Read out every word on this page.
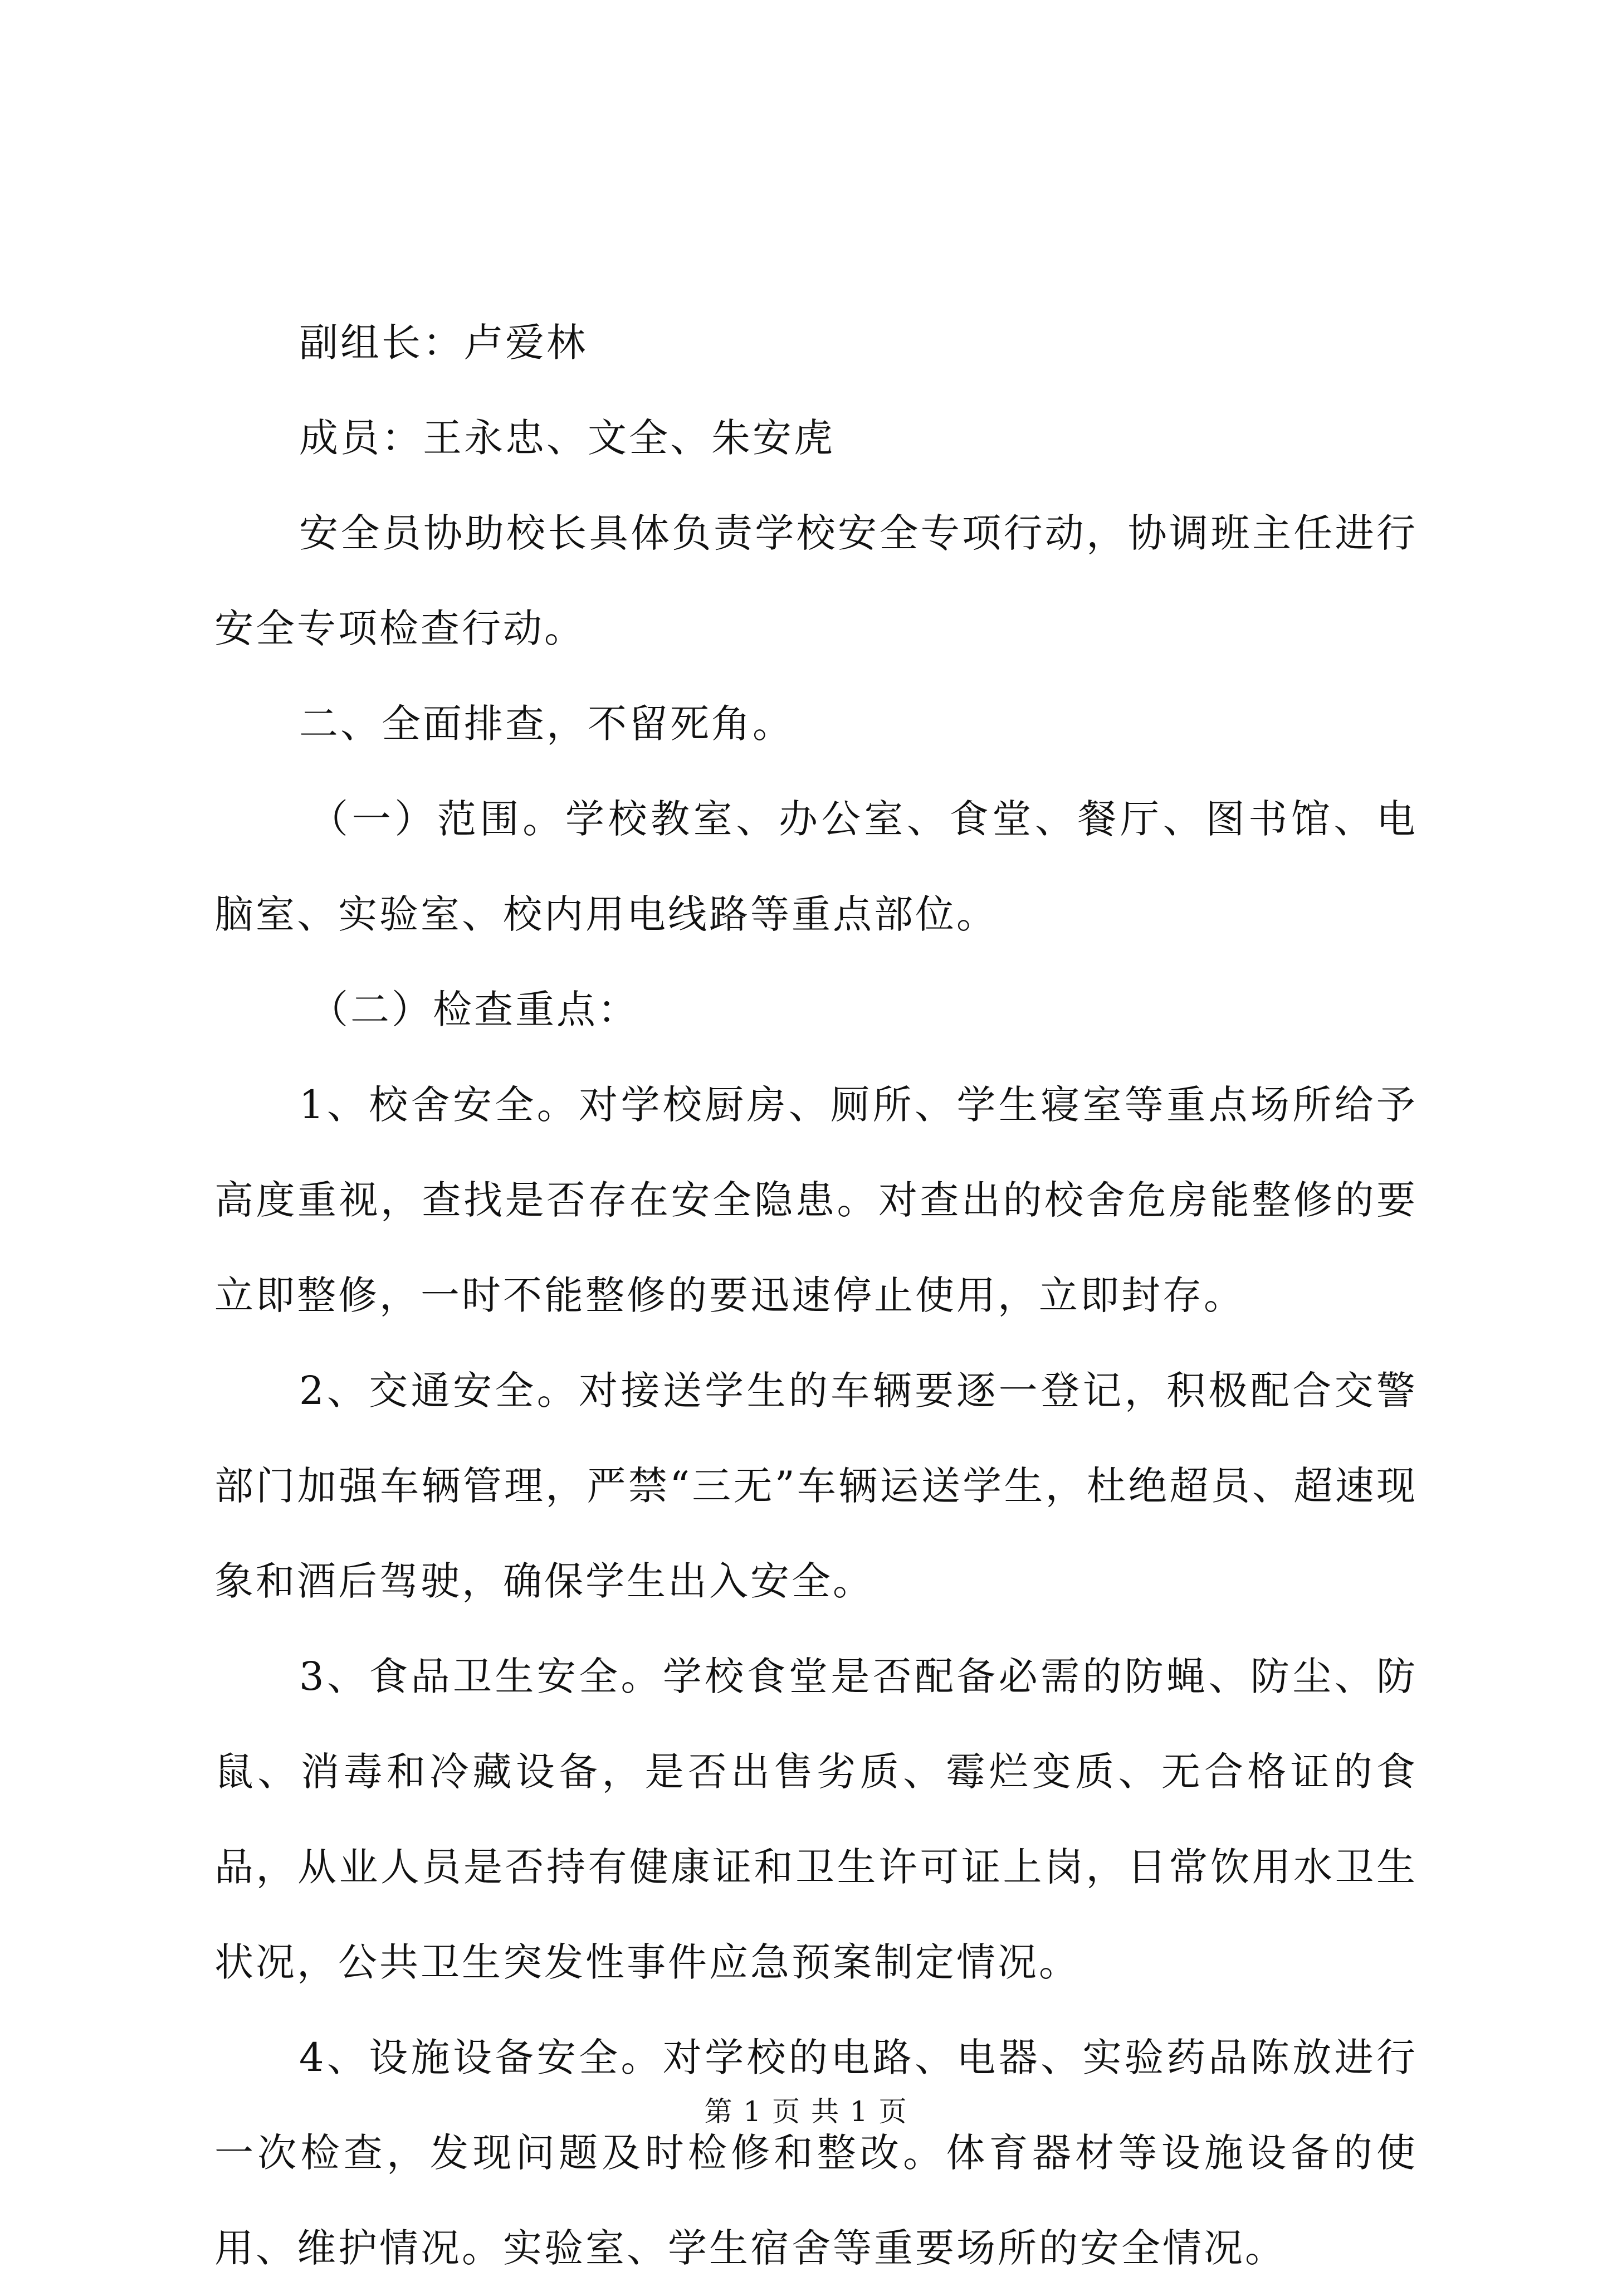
副组长：卢爱林

成员：王永忠、文全、朱安虎

安全员协助校长具体负责学校安全专项行动，协调班主任进行安全专项检查行动。

二、全面排查，不留死角。

（一）范围。学校教室、办公室、食堂、餐厅、图书馆、电脑室、实验室、校内用电线路等重点部位。

（二）检查重点：

1、校舍安全。对学校厨房、厕所、学生寝室等重点场所给予高度重视，查找是否存在安全隐患。对查出的校舍危房能整修的要立即整修，一时不能整修的要迅速停止使用，立即封存。

2、交通安全。对接送学生的车辆要逐一登记，积极配合交警部门加强车辆管理，严禁“三无”车辆运送学生，杜绝超员、超速现象和酒后驾驶，确保学生出入安全。

3、食品卫生安全。学校食堂是否配备必需的防蝇、防尘、防鼠、消毒和冷藏设备，是否出售劣质、霉烂变质、无合格证的食品，从业人员是否持有健康证和卫生许可证上岗，日常饮用水卫生状况，公共卫生突发性事件应急预案制定情况。

4、设施设备安全。对学校的电路、电器、实验药品陈放进行一次检查，发现问题及时检修和整改。体育器材等设施设备的使用、维护情况。实验室、学生宿舍等重要场所的安全情况。

第 1 页 共 1 页
